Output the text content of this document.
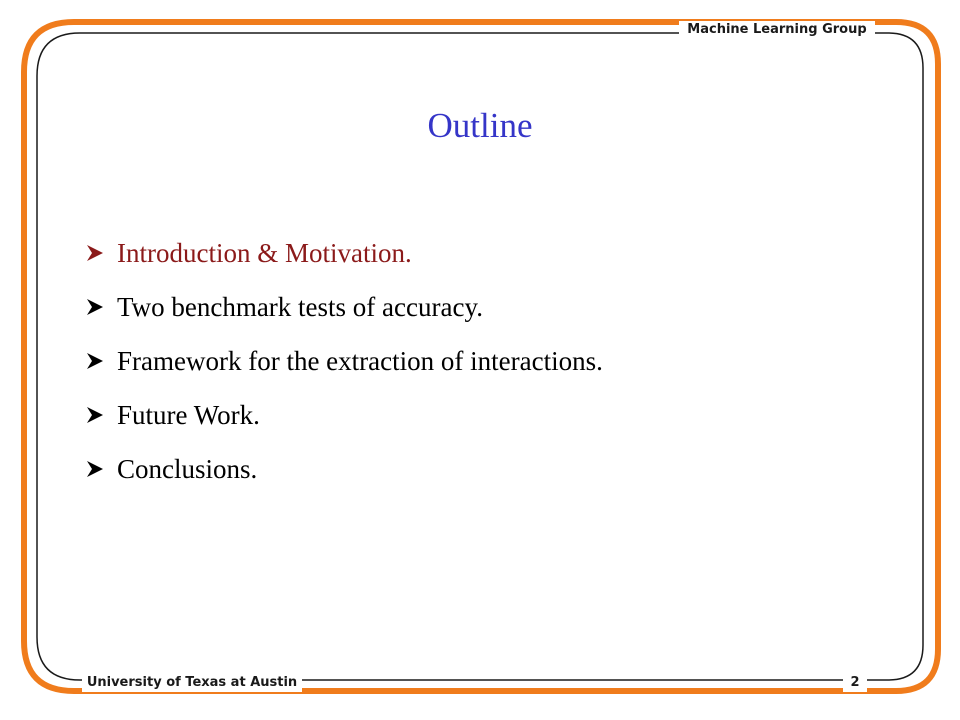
Machine Learning Group
University of Texas at Austin	2
Outline
Introduction & Motivation.
Two benchmark tests of accuracy.
Framework for the extraction of interactions.
Future Work.
Conclusions.
